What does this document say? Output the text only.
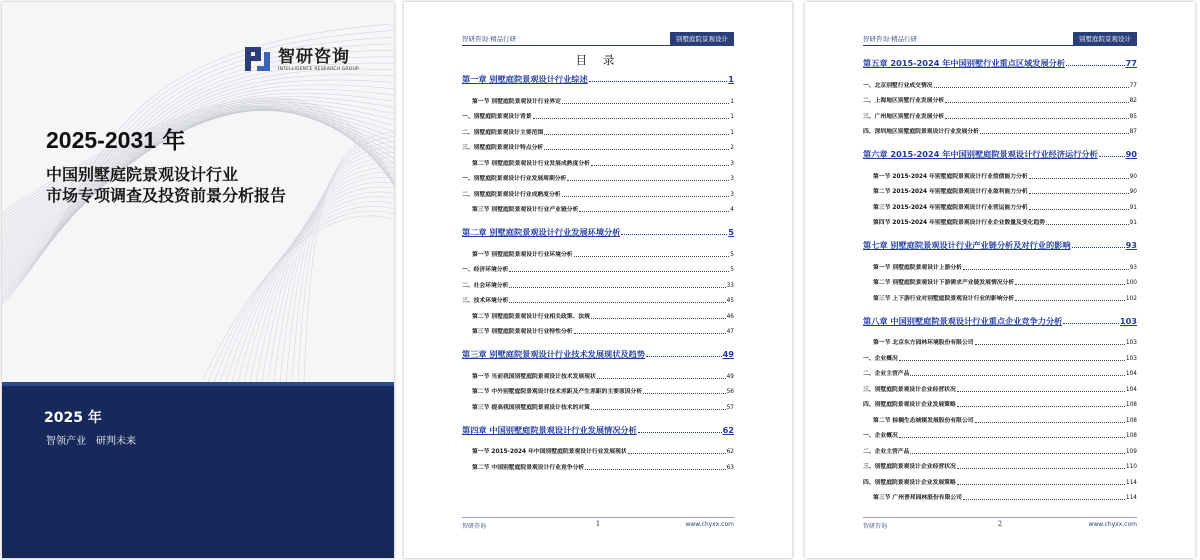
智研咨询
INTELLIGENCE RESEARCH GROUP
2025-2031 年
中国别墅庭院景观设计行业
市场专项调查及投资前景分析报告
2025 年
智领产业　研判未来
智研咨询·精品行研	别墅庭院景观设计
目 录
第一章 别墅庭院景观设计行业综述	1
第一节 别墅庭院景观设计行业界定	1
一、别墅庭院景观设计背景	1
二、别墅庭院景观设计主要范围	1
三、别墅庭院景观设计特点分析	2
第二节 别墅庭院景观设计行业发展成熟度分析	3
一、别墅庭院景观设计行业发展周期分析	3
二、别墅庭院景观设计行业成熟度分析	3
第三节 别墅庭院景观设计行业产业链分析	4
第二章 别墅庭院景观设计行业发展环境分析	5
第一节 别墅庭院景观设计行业环境分析	5
一、经济环境分析	5
二、社会环境分析	33
三、技术环境分析	45
第二节 别墅庭院景观设计行业相关政策、法规	46
第三节 别墅庭院景观设计行业特性分析	47
第三章 别墅庭院景观设计行业技术发展现状及趋势	49
第一节 当前我国别墅庭院景观设计技术发展现状	49
第二节 中外别墅庭院景观设计技术差距及产生差距的主要原因分析	56
第三节 提高我国别墅庭院景观设计技术的对策	57
第四章 中国别墅庭院景观设计行业发展情况分析	62
第一节 2015-2024 年中国别墅庭院景观设计行业发展现状	62
第二节 中国别墅庭院景观设计行业竞争分析	63
智研咨询	1	www.chyxx.com
智研咨询·精品行研	别墅庭院景观设计
第五章 2015-2024 年中国别墅行业重点区域发展分析	77
一、北京别墅行业成交情况	77
二、上海地区别墅行业发展分析	82
三、广州地区别墅行业发展分析	85
四、深圳地区别墅庭院景观设计行业发展分析	87
第六章 2015-2024 年中国别墅庭院景观设计行业经济运行分析	90
第一节 2015-2024 年别墅庭院景观设计行业偿债能力分析	90
第二节 2015-2024 年别墅庭院景观设计行业盈利能力分析	90
第三节 2015-2024 年别墅庭院景观设计行业营运能力分析	91
第四节 2015-2024 年别墅庭院景观设计行业企业数量及变化趋势	91
第七章 别墅庭院景观设计行业产业链分析及对行业的影响	93
第一节 别墅庭院景观设计上游分析	93
第二节 别墅庭院景观设计下游需求产业链发展情况分析	100
第三节 上下游行业对别墅庭院景观设计行业的影响分析	102
第八章 中国别墅庭院景观设计行业重点企业竞争力分析	103
第一节 北京东方园林环境股份有限公司	103
一、企业概况	103
二、企业主营产品	104
三、别墅庭院景观设计企业经营状况	104
四、别墅庭院景观设计企业发展策略	108
第二节 棕榈生态城镇发展股份有限公司	108
一、企业概况	108
二、企业主营产品	109
三、别墅庭院景观设计企业经营状况	110
四、别墅庭院景观设计企业发展策略	114
第三节 广州普邦园林股份有限公司	114
智研咨询	2	www.chyxx.com
